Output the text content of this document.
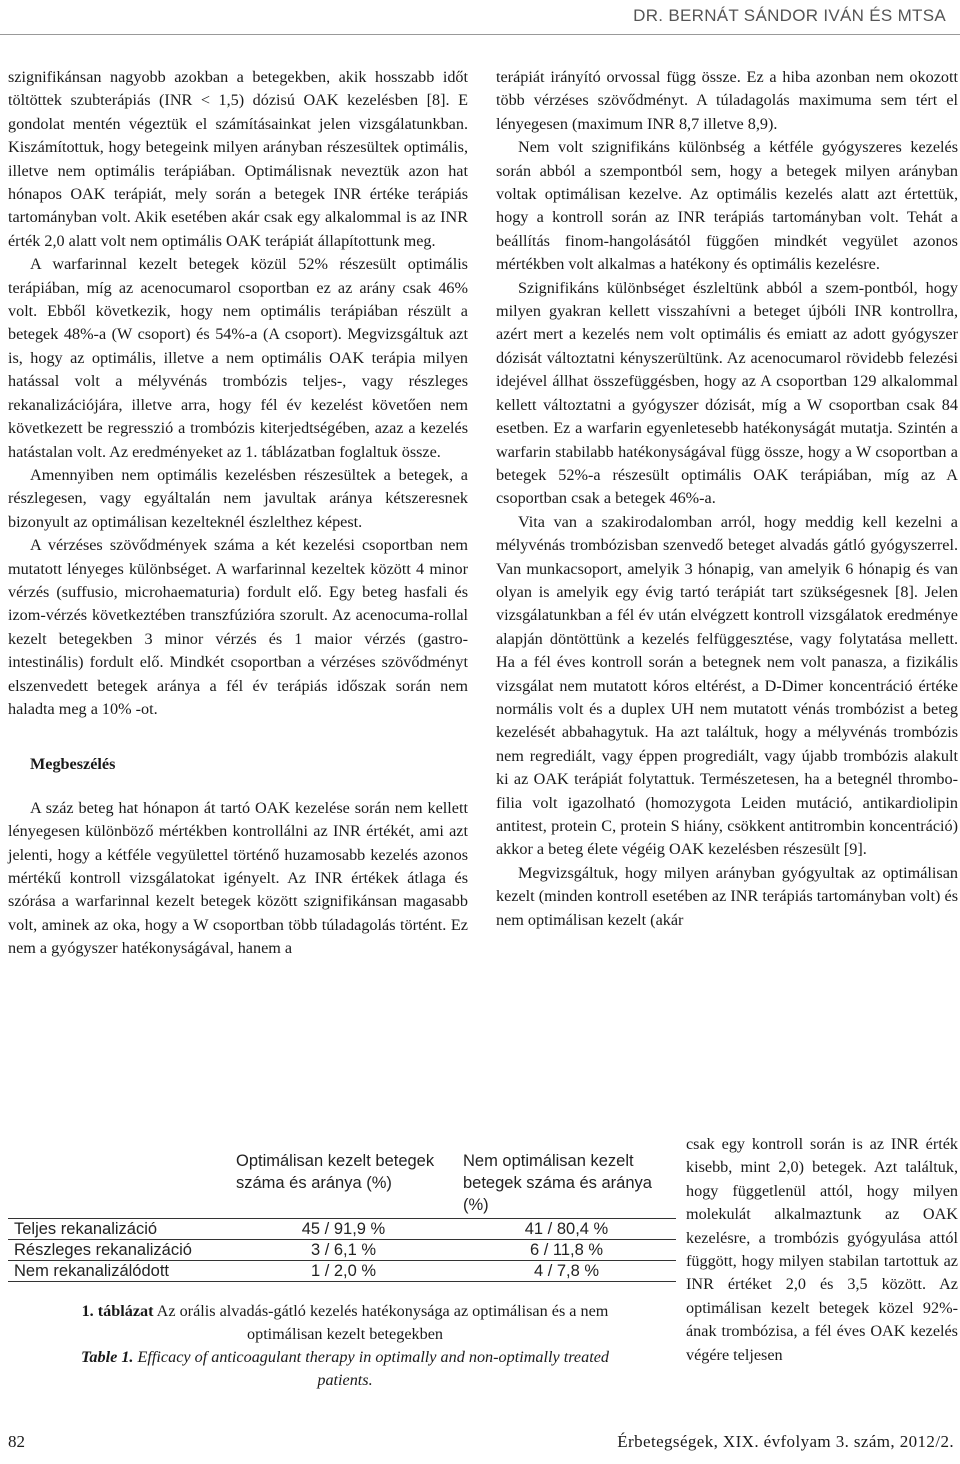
DR. BERNÁT SÁNDOR IVÁN ÉS MTSA

szignifikánsan nagyobb azokban a betegekben, akik hosszabb időt töltöttek szubterápiás (INR < 1,5) dózisú OAK kezelésben [8]. E gondolat mentén végeztük el számításainkat jelen vizsgálatunkban. Kiszámítottuk, hogy betegeink milyen arányban részesültek optimális, illetve nem optimális terápiában. Optimálisnak neveztük azon hat hónapos OAK terápiát, mely során a betegek INR értéke terápiás tartományban volt. Akik esetében akár csak egy alkalommal is az INR érték 2,0 alatt volt nem optimális OAK terápiát állapítottunk meg.

A warfarinnal kezelt betegek közül 52% részesült optimális terápiában, míg az acenocumarol csoportban ez az arány csak 46% volt. Ebből következik, hogy nem optimális terápiában részült a betegek 48%-a (W csoport) és 54%-a (A csoport). Megvizsgáltuk azt is, hogy az optimális, illetve a nem optimális OAK terápia milyen hatással volt a mélyvénás trombózis teljes-, vagy részleges rekanalizációjára, illetve arra, hogy fél év kezelést követően nem következett be regresszió a trombózis kiterjedtségében, azaz a kezelés hatástalan volt. Az eredményeket az 1. táblázatban foglaltuk össze.

Amennyiben nem optimális kezelésben részesültek a betegek, a részlegesen, vagy egyáltalán nem javultak aránya kétszeresnek bizonyult az optimálisan kezelteknél észlelthez képest.

A vérzéses szövődmények száma a két kezelési csoportban nem mutatott lényeges különbséget. A warfarinnal kezeltek között 4 minor vérzés (suffusio, microhaematuria) fordult elő. Egy beteg hasfali és izom-vérzés következtében transzfúzióra szorult. Az acenocuma-rollal kezelt betegekben 3 minor vérzés és 1 maior vérzés (gastro-intestinális) fordult elő. Mindkét csoportban a vérzéses szövődményt elszenvedett betegek aránya a fél év terápiás időszak során nem haladta meg a 10% -ot.

Megbeszélés

A száz beteg hat hónapon át tartó OAK kezelése során nem kellett lényegesen különböző mértékben kontrollálni az INR értékét, ami azt jelenti, hogy a kétféle vegyülettel történő huzamosabb kezelés azonos mértékű kontroll vizsgálatokat igényelt. Az INR értékek átlaga és szórása a warfarinnal kezelt betegek között szignifikánsan magasabb volt, aminek az oka, hogy a W csoportban több túladagolás történt. Ez nem a gyógyszer hatékonyságával, hanem a

terápiát irányító orvossal függ össze. Ez a hiba azonban nem okozott több vérzéses szövődményt. A túladagolás maximuma sem tért el lényegesen (maximum INR 8,7 illetve 8,9).

Nem volt szignifikáns különbség a kétféle gyógyszeres kezelés során abból a szempontból sem, hogy a betegek milyen arányban voltak optimálisan kezelve. Az optimális kezelés alatt azt értettük, hogy a kontroll során az INR terápiás tartományban volt. Tehát a beállítás finom-hangolásától függően mindkét vegyület azonos mértékben volt alkalmas a hatékony és optimális kezelésre.

Szignifikáns különbséget észleltünk abból a szem-pontból, hogy milyen gyakran kellett visszahívni a beteget újbóli INR kontrollra, azért mert a kezelés nem volt optimális és emiatt az adott gyógyszer dózisát változtatni kényszerültünk. Az acenocumarol rövidebb felezési idejével állhat összefüggésben, hogy az A csoportban 129 alkalommal kellett változtatni a gyógyszer dózisát, míg a W csoportban csak 84 esetben. Ez a warfarin egyenletesebb hatékonyságát mutatja. Szintén a warfarin stabilabb hatékonyságával függ össze, hogy a W csoportban a betegek 52%-a részesült optimális OAK terápiában, míg az A csoportban csak a betegek 46%-a.

Vita van a szakirodalomban arról, hogy meddig kell kezelni a mélyvénás trombózisban szenvedő beteget alvadás gátló gyógyszerrel. Van munkacsoport, amelyik 3 hónapig, van amelyik 6 hónapig és van olyan is amelyik egy évig tartó terápiát tart szükségesnek [8]. Jelen vizsgálatunkban a fél év után elvégzett kontroll vizsgálatok eredménye alapján döntöttünk a kezelés felfüggesztése, vagy folytatása mellett. Ha a fél éves kontroll során a betegnek nem volt panasza, a fizikális vizsgálat nem mutatott kóros eltérést, a D-Dimer koncentráció értéke normális volt és a duplex UH nem mutatott vénás trombózist a beteg kezelését abbahagytuk. Ha azt találtuk, hogy a mélyvénás trombózis nem regrediált, vagy éppen progrediált, vagy újabb trombózis alakult ki az OAK terápiát folytattuk. Természetesen, ha a betegnél thrombo-filia volt igazolható (homozygota Leiden mutáció, antikardiolipin antitest, protein C, protein S hiány, csökkent antitrombin koncentráció) akkor a beteg élete végéig OAK kezelésben részesült [9].

Megvizsgáltuk, hogy milyen arányban gyógyultak az optimálisan kezelt (minden kontroll esetében az INR terápiás tartományban volt) és nem optimálisan kezelt (akár

csak egy kontroll során is az INR érték kisebb, mint 2,0) betegek. Azt találtuk, hogy függetlenül attól, hogy milyen molekulát alkalmaztunk az OAK kezelésre, a trombózis gyógyulása attól függött, hogy milyen stabilan tartottuk az INR értéket 2,0 és 3,5 között. Az optimálisan kezelt betegek közel 92%-ának trombózisa, a fél éves OAK kezelés végére teljesen
	Optimálisan kezelt betegek száma és aránya (%)	Nem optimálisan kezelt betegek száma és aránya (%)
Teljes rekanalizáció	45 / 91,9 %	41 / 80,4 %
Részleges rekanalizáció	3 / 6,1 %	6 / 11,8 %
Nem rekanalizálódott	1 / 2,0 %	4 / 7,8 %
1. táblázat Az orális alvadás-gátló kezelés hatékonysága az optimálisan és a nem optimálisan kezelt betegekben
Table 1. Efficacy of anticoagulant therapy in optimally and non-optimally treated patients.
82	Érbetegségek, XIX. évfolyam 3. szám, 2012/2.
